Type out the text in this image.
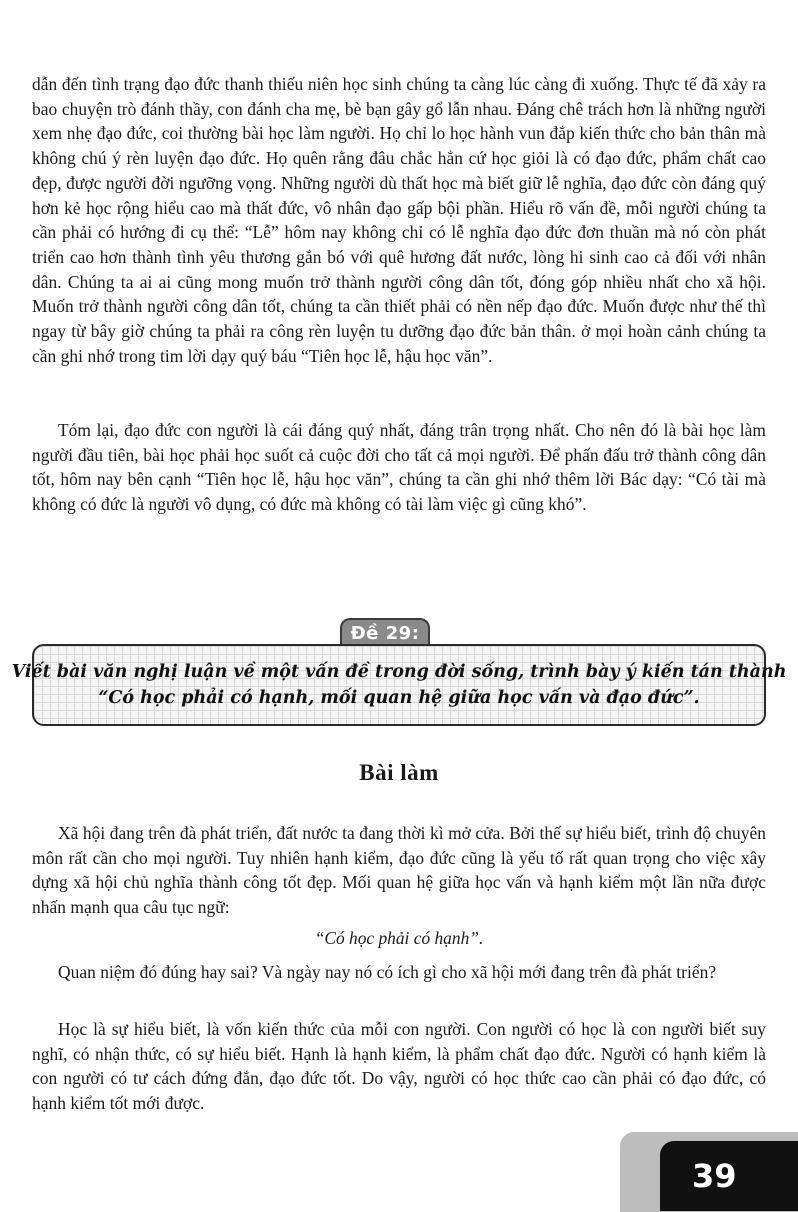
dẫn đến tình trạng đạo đức thanh thiếu niên học sinh chúng ta càng lúc càng đi xuống. Thực tế đã xảy ra bao chuyện trò đánh thầy, con đánh cha mẹ, bè bạn gây gổ lẫn nhau. Đáng chê trách hơn là những người xem nhẹ đạo đức, coi thường bài học làm người. Họ chỉ lo học hành vun đắp kiến thức cho bản thân mà không chú ý rèn luyện đạo đức. Họ quên rằng đâu chắc hẳn cứ học giỏi là có đạo đức, phẩm chất cao đẹp, được người đời ngưỡng vọng. Những người dù thất học mà biết giữ lễ nghĩa, đạo đức còn đáng quý hơn kẻ học rộng hiểu cao mà thất đức, vô nhân đạo gấp bội phần. Hiểu rõ vấn đề, mỗi người chúng ta cần phải có hướng đi cụ thể: “Lễ” hôm nay không chỉ có lễ nghĩa đạo đức đơn thuần mà nó còn phát triển cao hơn thành tình yêu thương gắn bó với quê hương đất nước, lòng hi sinh cao cả đối với nhân dân. Chúng ta ai ai cũng mong muốn trở thành người công dân tốt, đóng góp nhiều nhất cho xã hội. Muốn trở thành người công dân tốt, chúng ta cần thiết phải có nền nếp đạo đức. Muốn được như thế thì ngay từ bây giờ chúng ta phải ra công rèn luyện tu dưỡng đạo đức bản thân. ở mọi hoàn cảnh chúng ta cần ghi nhớ trong tim lời dạy quý báu “Tiên học lễ, hậu học văn”.

Tóm lại, đạo đức con người là cái đáng quý nhất, đáng trân trọng nhất. Cho nên đó là bài học làm người đầu tiên, bài học phải học suốt cả cuộc đời cho tất cả mọi người. Để phấn đấu trở thành công dân tốt, hôm nay bên cạnh “Tiên học lễ, hậu học văn”, chúng ta cần ghi nhớ thêm lời Bác dạy: “Có tài mà không có đức là người vô dụng, có đức mà không có tài làm việc gì cũng khó”.

Đề 29:
Viết bài văn nghị luận về một vấn đề trong đời sống, trình bày ý kiến tán thành
“Có học phải có hạnh, mối quan hệ giữa học vấn và đạo đức”.
Bài làm

Xã hội đang trên đà phát triển, đất nước ta đang thời kì mở cửa. Bởi thế sự hiểu biết, trình độ chuyên môn rất cần cho mọi người. Tuy nhiên hạnh kiểm, đạo đức cũng là yếu tố rất quan trọng cho việc xây dựng xã hội chủ nghĩa thành công tốt đẹp. Mối quan hệ giữa học vấn và hạnh kiểm một lần nữa được nhấn mạnh qua câu tục ngữ:

“Có học phải có hạnh”.

Quan niệm đó đúng hay sai? Và ngày nay nó có ích gì cho xã hội mới đang trên đà phát triển?

Học là sự hiểu biết, là vốn kiến thức của mỗi con người. Con người có học là con người biết suy nghĩ, có nhận thức, có sự hiểu biết. Hạnh là hạnh kiểm, là phẩm chất đạo đức. Người có hạnh kiểm là con người có tư cách đứng đắn, đạo đức tốt. Do vậy, người có học thức cao cần phải có đạo đức, có hạnh kiểm tốt mới được.

39
